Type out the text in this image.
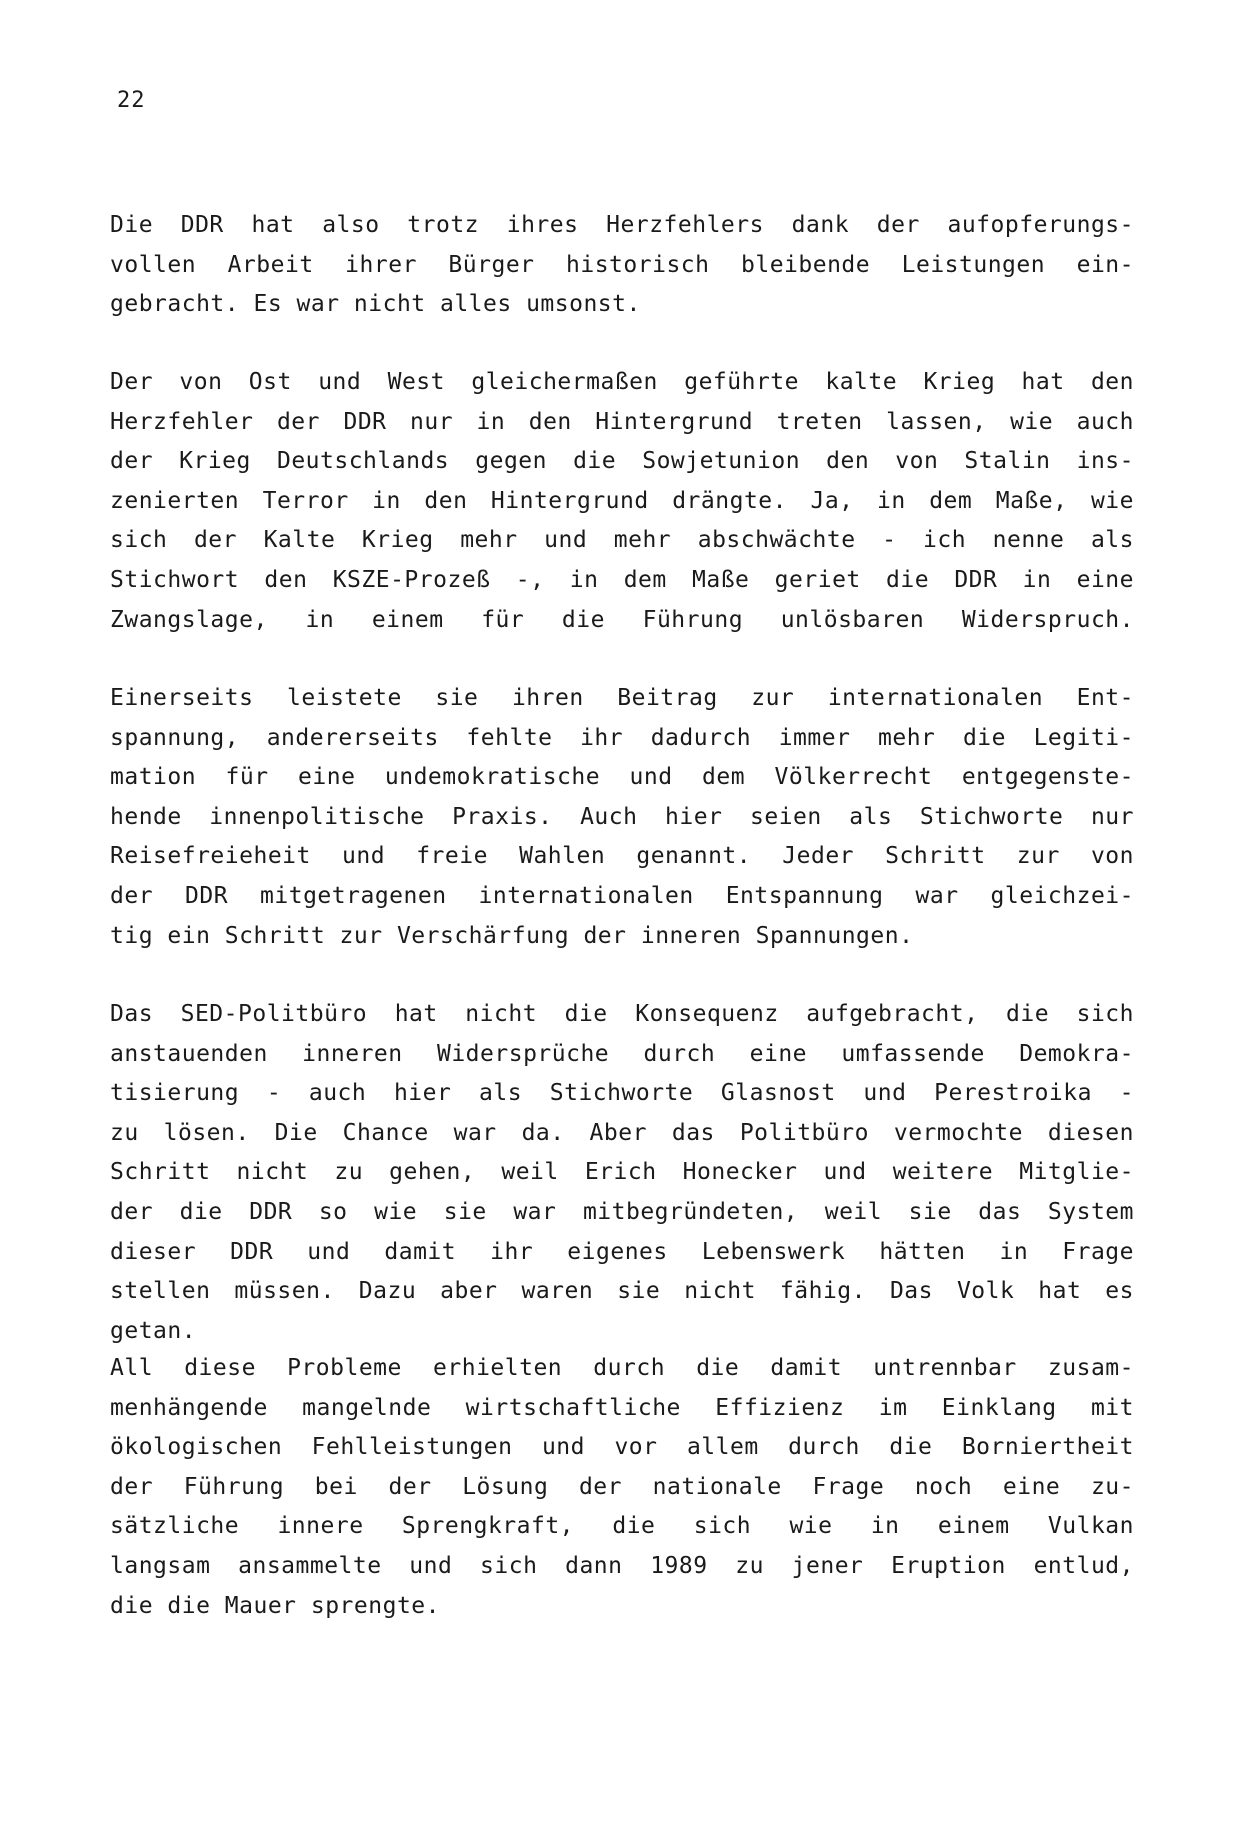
22
Die DDR hat also trotz ihres Herzfehlers dank der aufopferungs-
vollen Arbeit ihrer Bürger historisch bleibende Leistungen ein-
gebracht. Es war nicht alles umsonst.
Der von Ost und West gleichermaßen geführte kalte Krieg hat den
Herzfehler der DDR nur in den Hintergrund treten lassen, wie auch
der Krieg Deutschlands gegen die Sowjetunion den von Stalin ins-
zenierten Terror in den Hintergrund drängte. Ja, in dem Maße, wie
sich der Kalte Krieg mehr und mehr abschwächte - ich nenne als
Stichwort den KSZE-Prozeß -, in dem Maße geriet die DDR in eine
Zwangslage, in einem für die Führung unlösbaren Widerspruch.
Einerseits leistete sie ihren Beitrag zur internationalen Ent-
spannung, andererseits fehlte ihr dadurch immer mehr die Legiti-
mation für eine undemokratische und dem Völkerrecht entgegenste-
hende innenpolitische Praxis. Auch hier seien als Stichworte nur
Reisefreieheit und freie Wahlen genannt. Jeder Schritt zur von
der DDR mitgetragenen internationalen Entspannung war gleichzei-
tig ein Schritt zur Verschärfung der inneren Spannungen.
Das SED-Politbüro hat nicht die Konsequenz aufgebracht, die sich
anstauenden inneren Widersprüche durch eine umfassende Demokra-
tisierung - auch hier als Stichworte Glasnost und Perestroika -
zu lösen. Die Chance war da. Aber das Politbüro vermochte diesen
Schritt nicht zu gehen, weil Erich Honecker und weitere Mitglie-
der die DDR so wie sie war mitbegründeten, weil sie das System
dieser DDR und damit ihr eigenes Lebenswerk hätten in Frage
stellen müssen. Dazu aber waren sie nicht fähig. Das Volk hat es
getan.
All diese Probleme erhielten durch die damit untrennbar zusam-
menhängende mangelnde wirtschaftliche Effizienz im Einklang mit
ökologischen Fehlleistungen und vor allem durch die Borniertheit
der Führung bei der Lösung der nationale Frage noch eine zu-
sätzliche innere Sprengkraft, die sich wie in einem Vulkan
langsam ansammelte und sich dann 1989 zu jener Eruption entlud,
die die Mauer sprengte.
